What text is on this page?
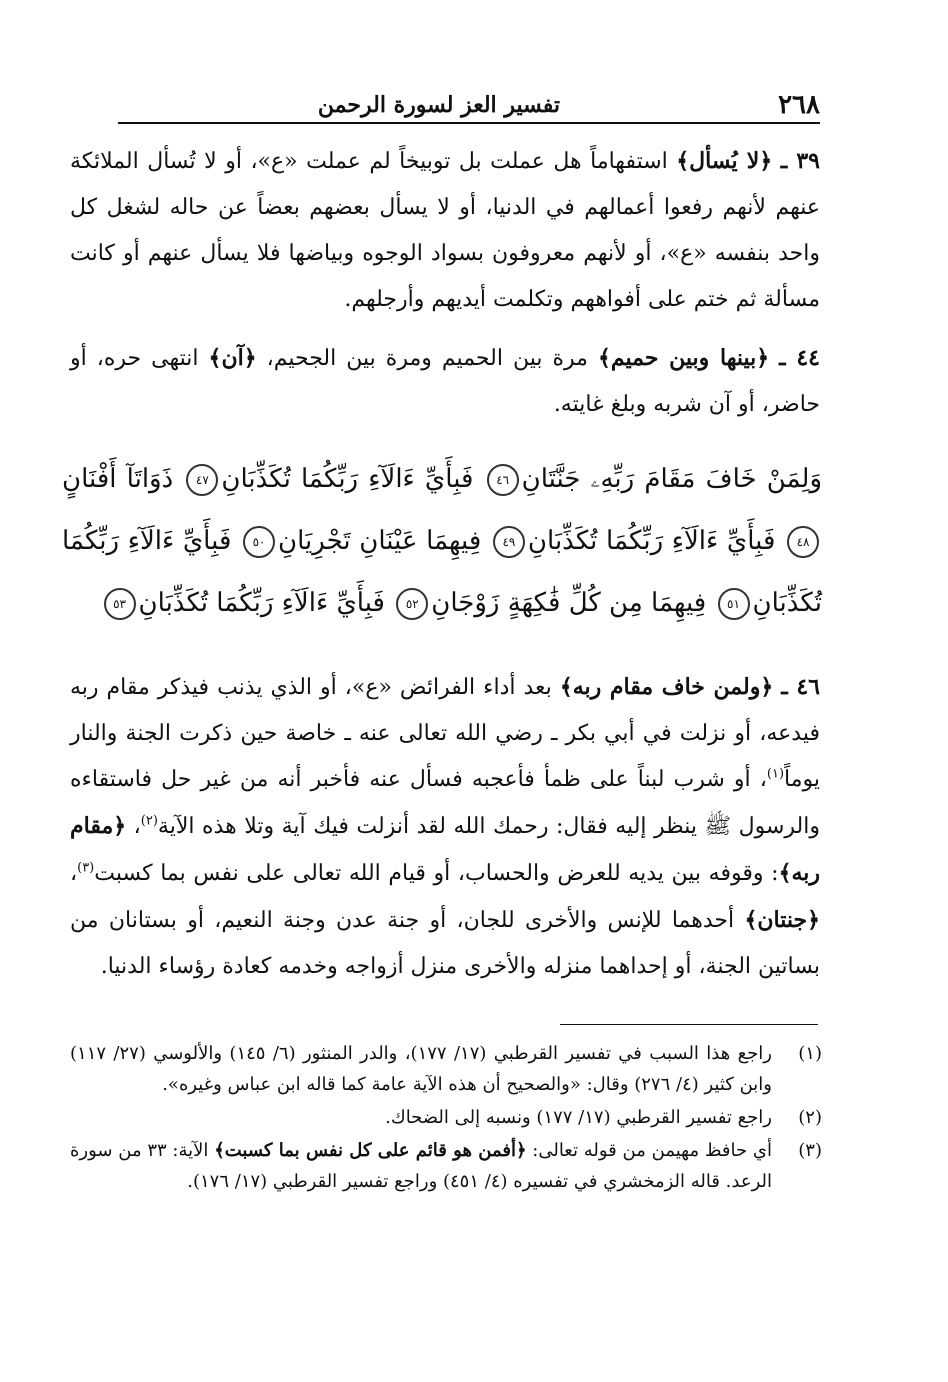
٢٦٨
تفسير العز لسورة الرحمن

٣٩ ـ ﴿لا يُسأل﴾ استفهاماً هل عملت بل توبيخاً لم عملت «ع»، أو لا تُسأل الملائكة عنهم لأنهم رفعوا أعمالهم في الدنيا، أو لا يسأل بعضهم بعضاً عن حاله لشغل كل واحد بنفسه «ع»، أو لأنهم معروفون بسواد الوجوه وبياضها فلا يسأل عنهم أو كانت مسألة ثم ختم على أفواههم وتكلمت أيديهم وأرجلهم.

٤٤ ـ ﴿بينها وبين حميم﴾ مرة بين الحميم ومرة بين الجحيم، ﴿آن﴾ انتهى حره، أو حاضر، أو آن شربه وبلغ غايته.

وَلِمَنْ خَافَ مَقَامَ رَبِّهِۦ جَنَّتَانِ٤٦ فَبِأَيِّ ءَالَآءِ رَبِّكُمَا تُكَذِّبَانِ٤٧ ذَوَاتَآ أَفْنَانٍ٤٨ فَبِأَيِّ ءَالَآءِ رَبِّكُمَا تُكَذِّبَانِ٤٩ فِيهِمَا عَيْنَانِ تَجْرِيَانِ٥٠ فَبِأَيِّ ءَالَآءِ رَبِّكُمَا تُكَذِّبَانِ٥١ فِيهِمَا مِن كُلِّ فَٰكِهَةٍ زَوْجَانِ٥٢ فَبِأَيِّ ءَالَآءِ رَبِّكُمَا تُكَذِّبَانِ٥٣

٤٦ ـ ﴿ولمن خاف مقام ربه﴾ بعد أداء الفرائض «ع»، أو الذي يذنب فيذكر مقام ربه فيدعه، أو نزلت في أبي بكر ـ رضي الله تعالى عنه ـ خاصة حين ذكرت الجنة والنار يوماً$^{(١)}$، أو شرب لبناً على ظمأ فأعجبه فسأل عنه فأخبر أنه من غير حل فاستقاءه والرسول ﷺ ينظر إليه فقال: رحمك الله لقد أنزلت فيك آية وتلا هذه الآية$^{(٢)}$، ﴿مقام ربه﴾: وقوفه بين يديه للعرض والحساب، أو قيام الله تعالى على نفس بما كسبت$^{(٣)}$، ﴿جنتان﴾ أحدهما للإنس والأخرى للجان، أو جنة عدن وجنة النعيم، أو بستانان من بساتين الجنة، أو إحداهما منزله والأخرى منزل أزواجه وخدمه كعادة رؤساء الدنيا.

(١)
راجع هذا السبب في تفسير القرطبي (١٧/ ١٧٧)، والدر المنثور (٦/ ١٤٥) والألوسي (٢٧/ ١١٧) وابن كثير (٤/ ٢٧٦) وقال: «والصحيح أن هذه الآية عامة كما قاله ابن عباس وغيره».
(٢)
راجع تفسير القرطبي (١٧/ ١٧٧) ونسبه إلى الضحاك.
(٣)
أي حافظ مهيمن من قوله تعالى: ﴿أفمن هو قائم على كل نفس بما كسبت﴾ الآية: ٣٣ من سورة الرعد. قاله الزمخشري في تفسيره (٤/ ٤٥١) وراجع تفسير القرطبي (١٧/ ١٧٦).
